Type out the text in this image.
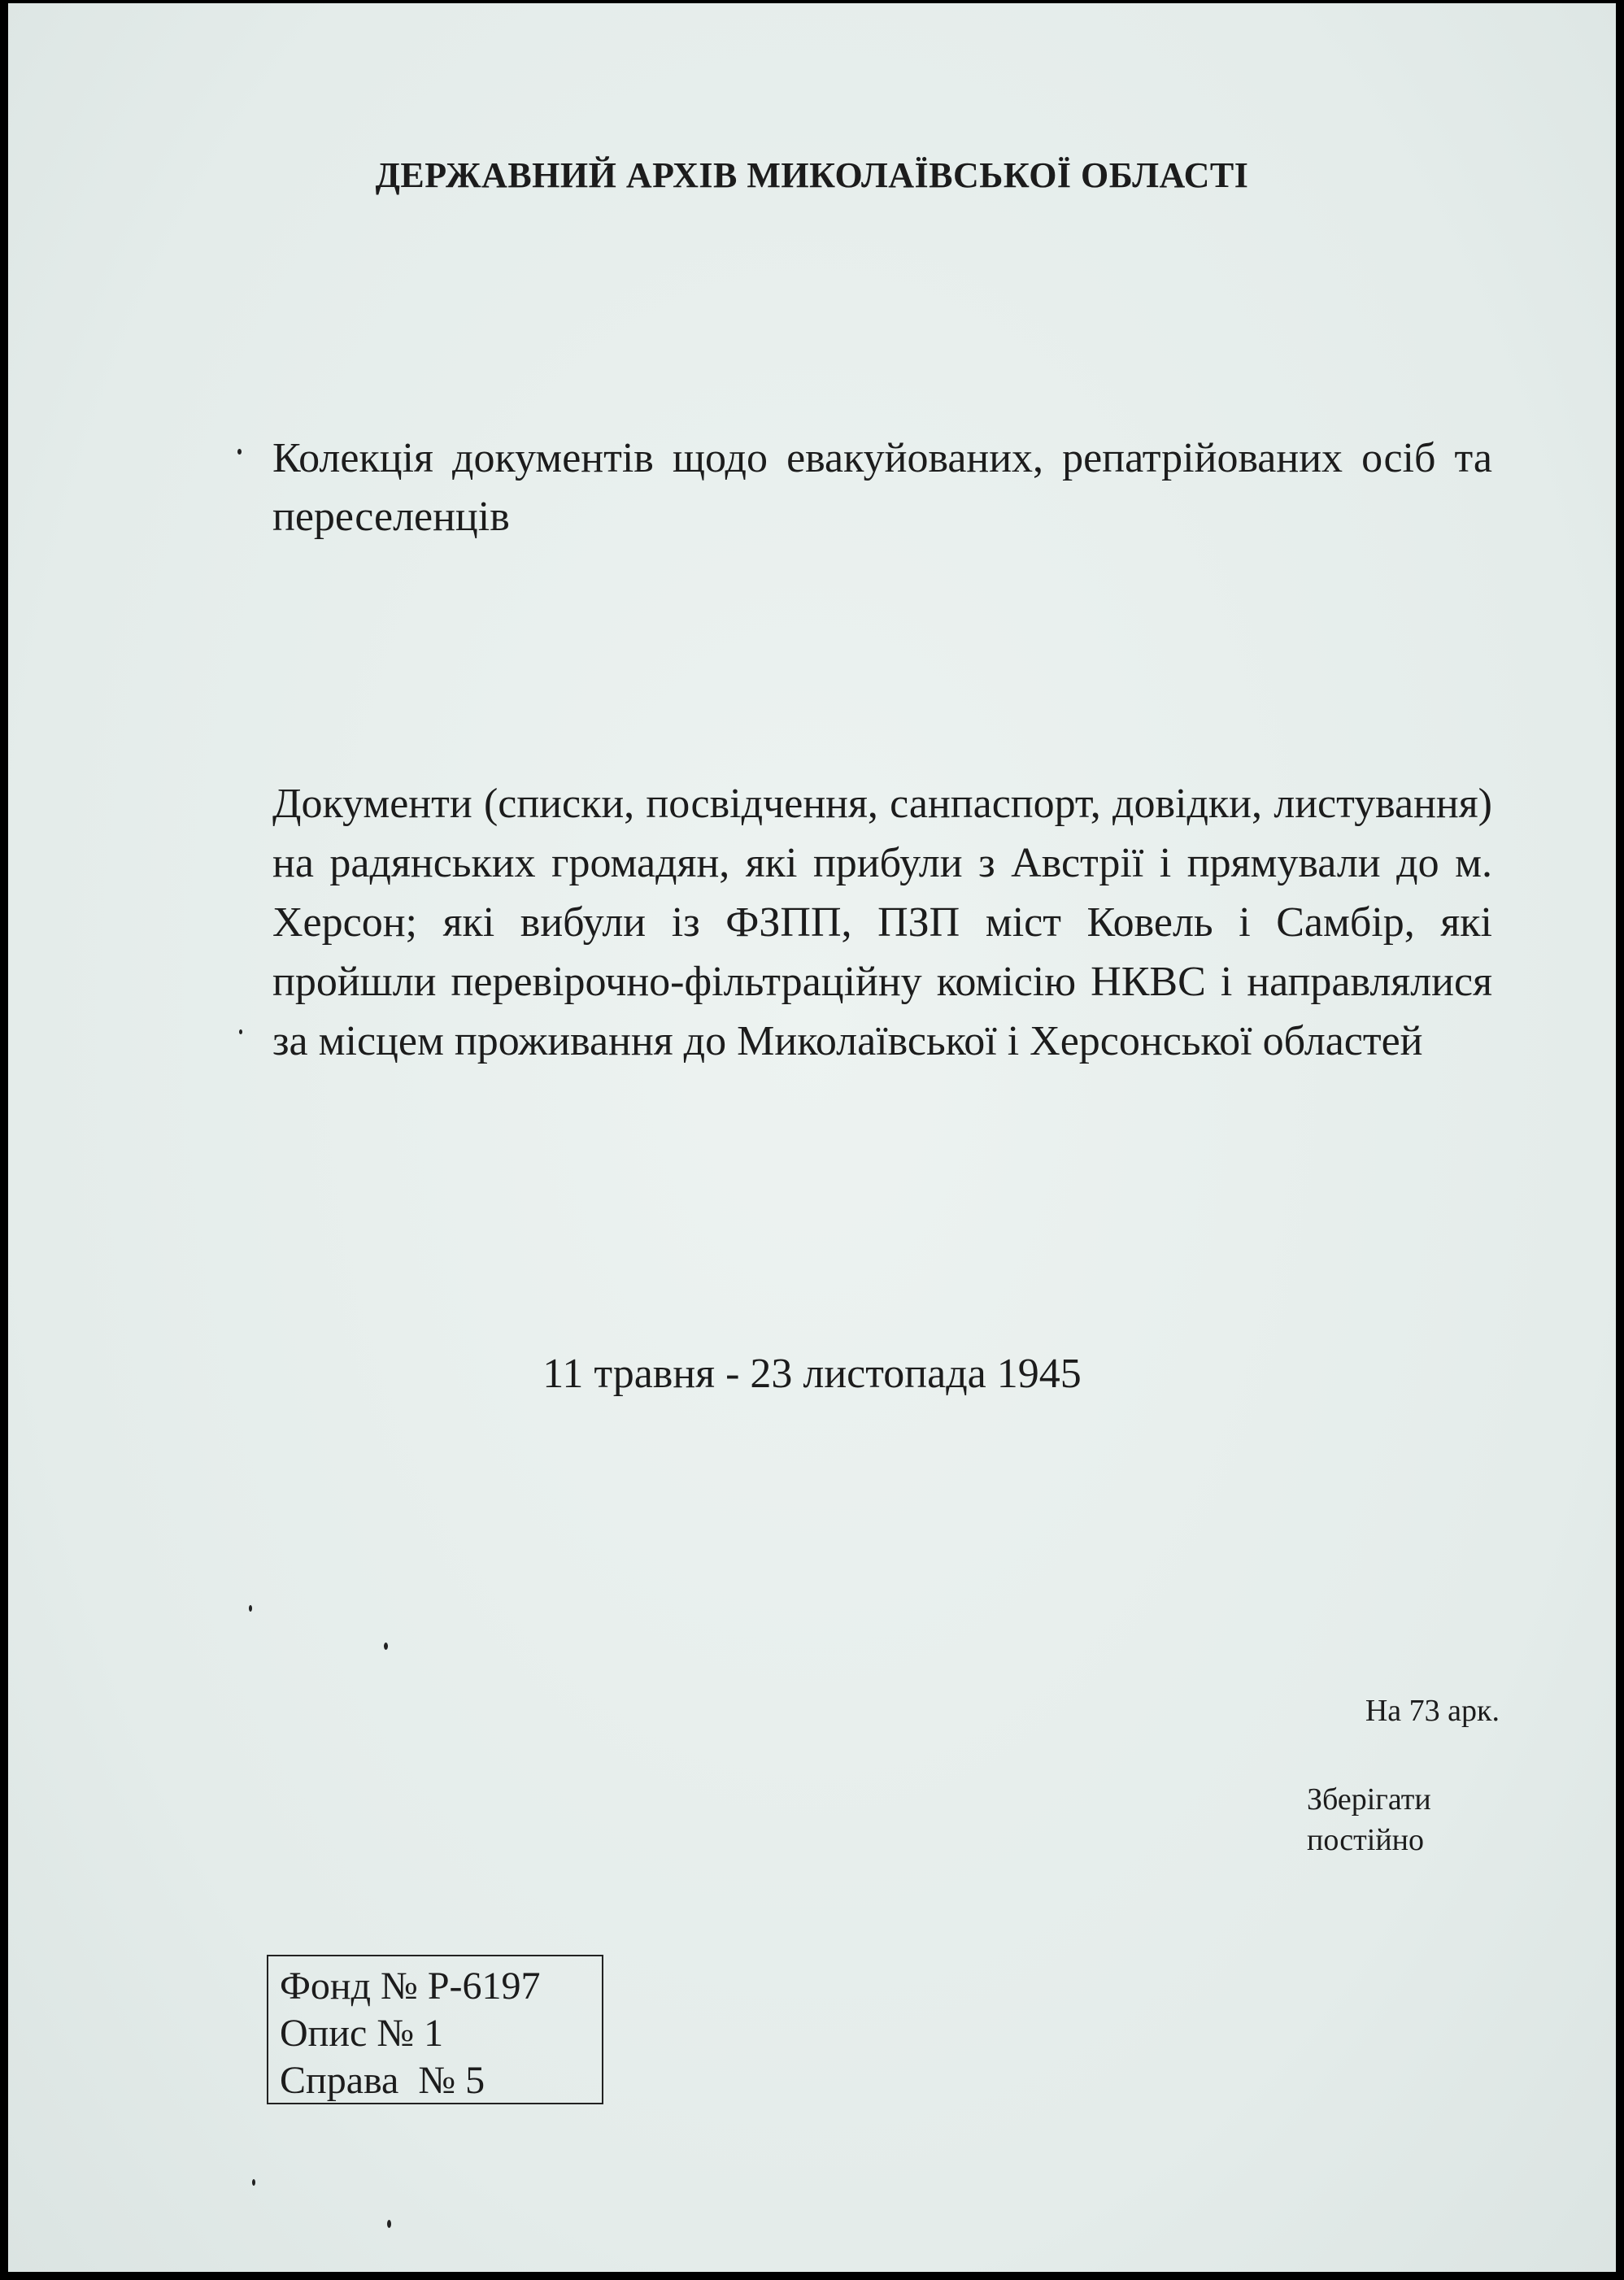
ДЕРЖАВНИЙ АРХІВ МИКОЛАЇВСЬКОЇ ОБЛАСТІ

Колекція документів щодо евакуйованих, репатрійованих осіб та переселенців

Документи (списки, посвідчення, санпаспорт, довідки, листування) на радянських громадян, які прибули з Австрії і прямували до м. Херсон; які вибули із ФЗПП, ПЗП міст Ковель і Самбір, які пройшли перевірочно-фільтраційну комісію НКВС і направлялися за місцем проживання до Миколаївської і Херсонської областей

11 травня - 23 листопада 1945

На 73 арк.

Зберігати
постійно

Фонд № Р-6197
Опис № 1
Справа  № 5
